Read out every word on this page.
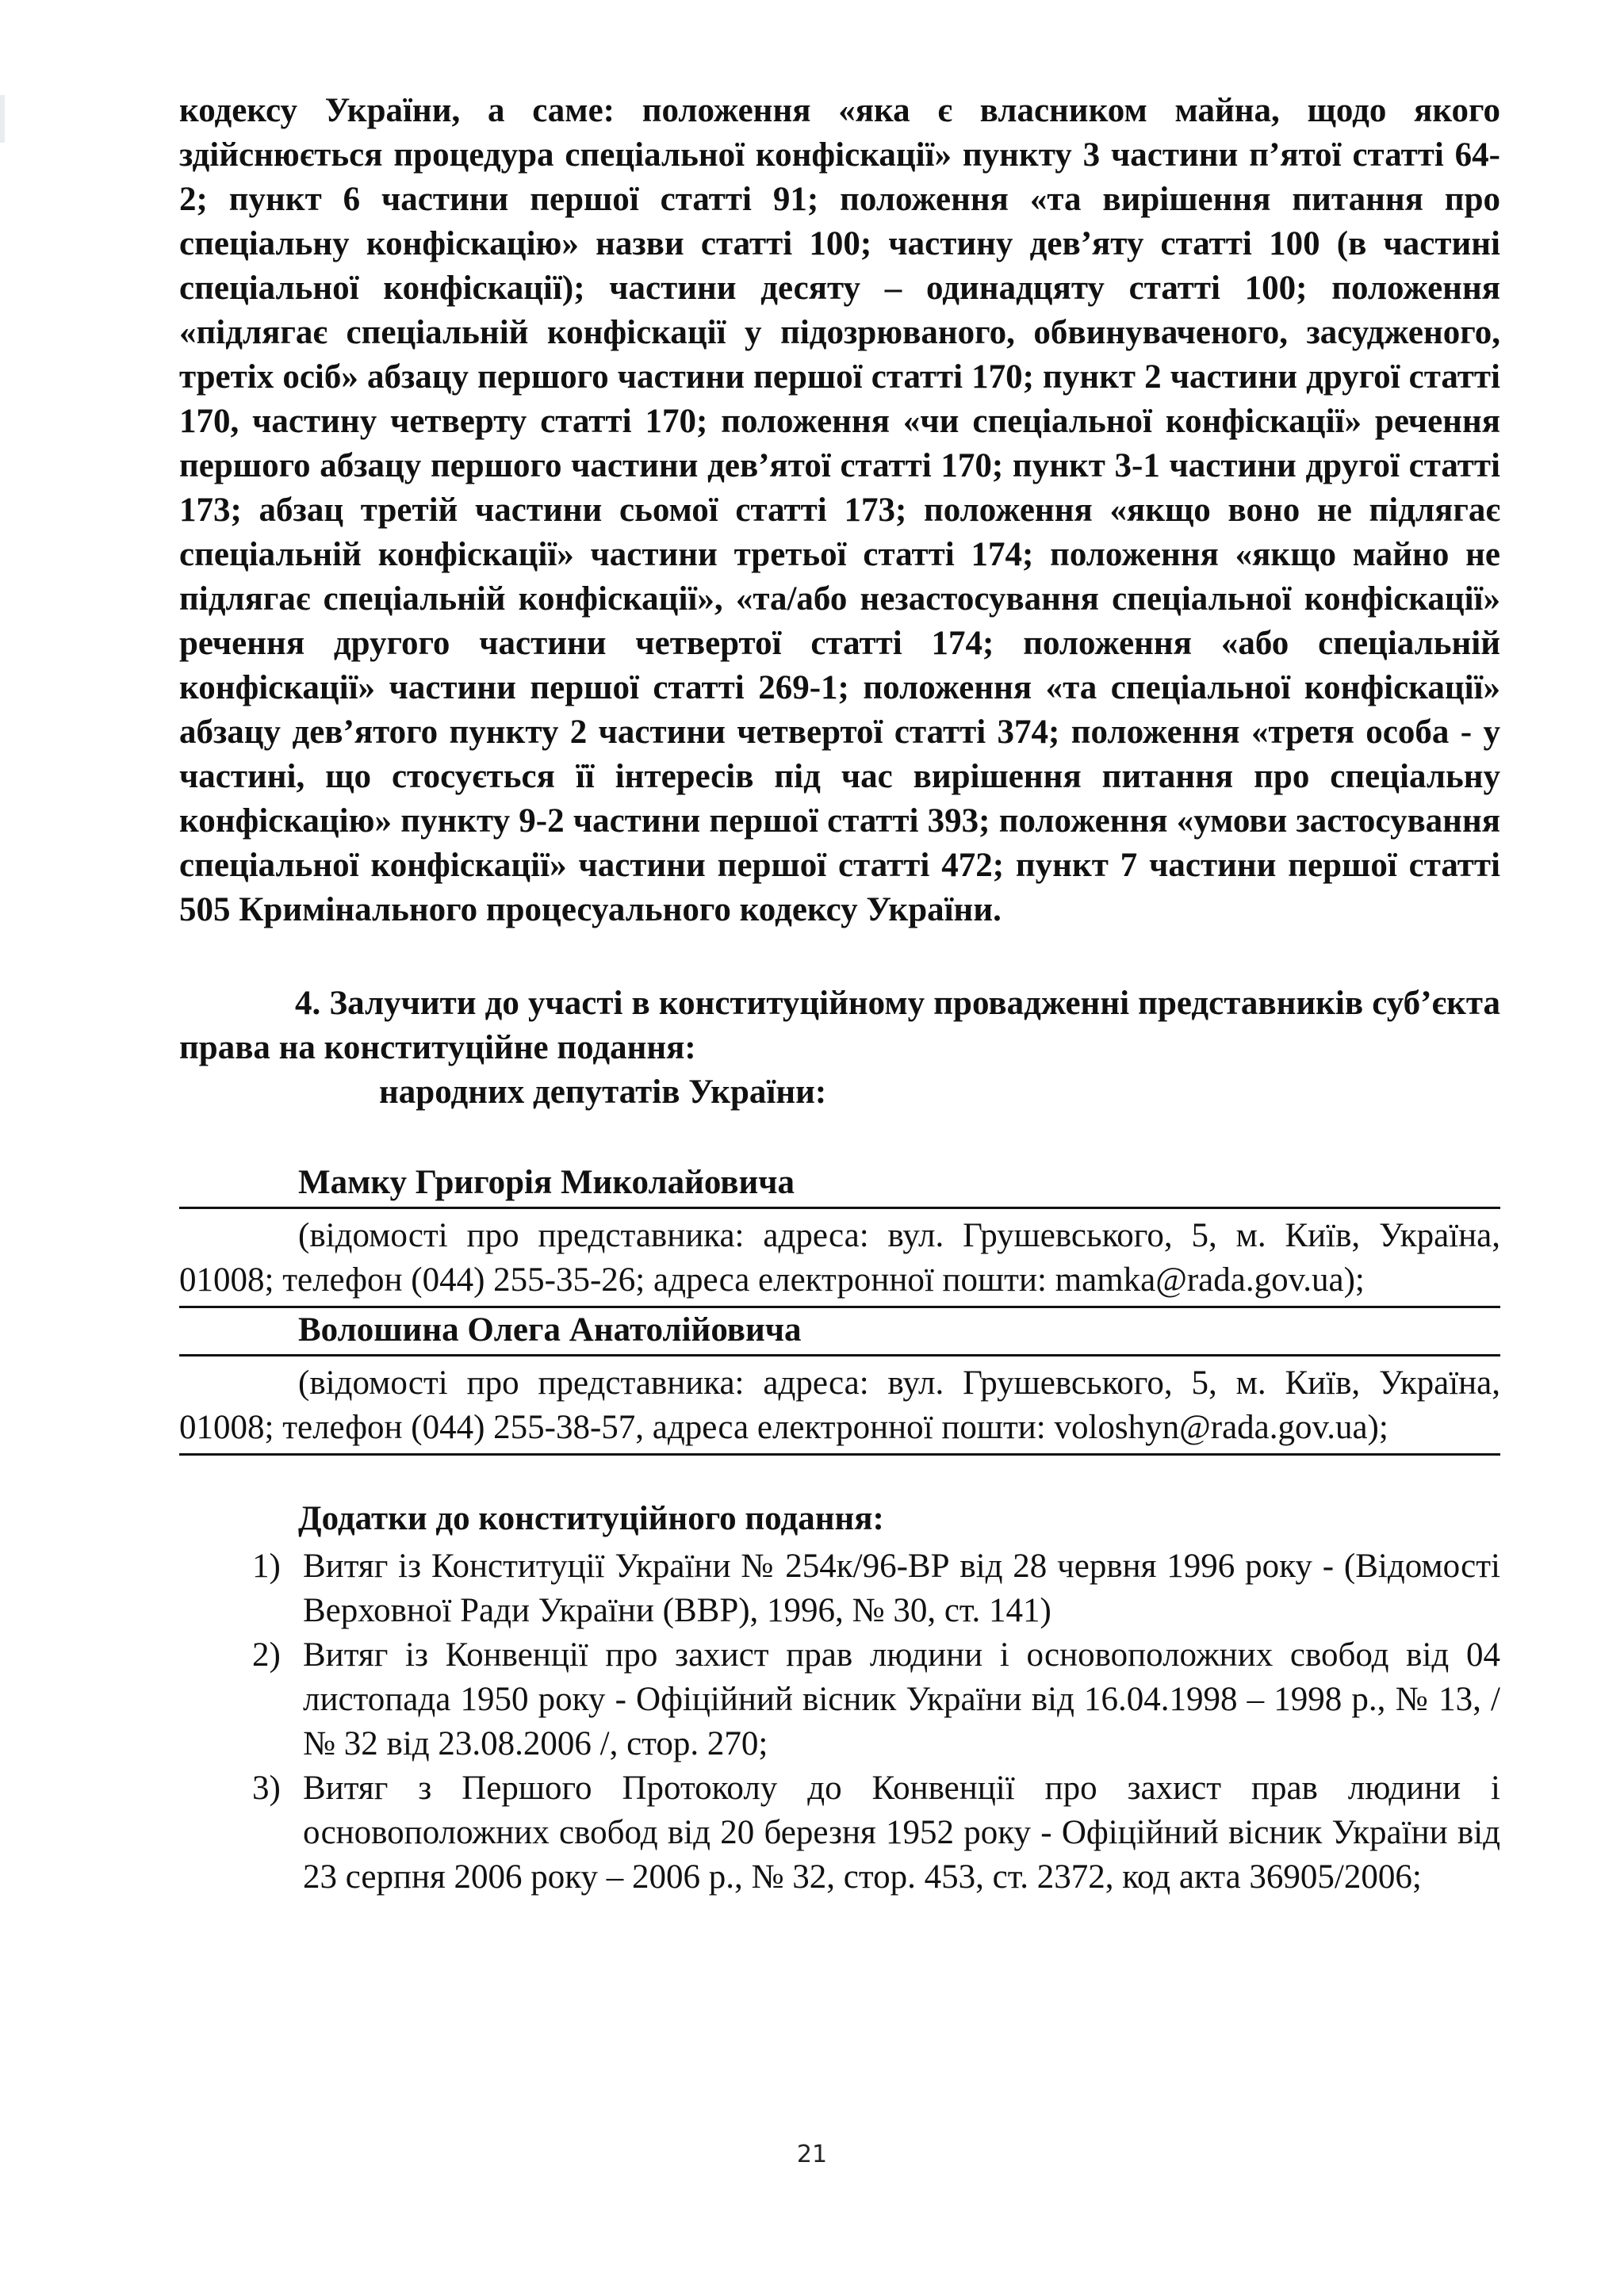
кодексу України, а саме: положення «яка є власником майна, щодо якого здійснюється процедура спеціальної конфіскації» пункту 3 частини п’ятої статті 64-2; пункт 6 частини першої статті 91; положення «та вирішення питання про спеціальну конфіскацію» назви статті 100; частину дев’яту статті 100 (в частині спеціальної конфіскації); частини десяту – одинадцяту статті 100; положення «підлягає спеціальній конфіскації у підозрюваного, обвинуваченого, засудженого, третіх осіб» абзацу першого частини першої статті 170; пункт 2 частини другої статті 170, частину четверту статті 170; положення «чи спеціальної конфіскації» речення першого абзацу першого частини дев’ятої статті 170; пункт 3-1 частини другої статті 173; абзац третій частини сьомої статті 173; положення «якщо воно не підлягає спеціальній конфіскації» частини третьої статті 174; положення «якщо майно не підлягає спеціальній конфіскації», «та/або незастосування спеціальної конфіскації» речення другого частини четвертої статті 174; положення «або спеціальній конфіскації» частини першої статті 269-1; положення «та спеціальної конфіскації» абзацу дев’ятого пункту 2 частини четвертої статті 374; положення «третя особа - у частині, що стосується її інтересів під час вирішення питання про спеціальну конфіскацію» пункту 9-2 частини першої статті 393; положення «умови застосування спеціальної конфіскації» частини першої статті 472; пункт 7 частини першої статті 505 Кримінального процесуального кодексу України.

4. Залучити до участі в конституційному провадженні представників суб’єкта права на конституційне подання:

народних депутатів України:

Мамку Григорія Миколайовича
(відомості про представника: адреса: вул. Грушевського, 5, м. Київ, Україна, 01008; телефон (044) 255-35-26; адреса електронної пошти: mamka@rada.gov.ua);
Волошина Олега Анатолійовича
(відомості про представника: адреса: вул. Грушевського, 5, м. Київ, Україна, 01008; телефон (044) 255-38-57, адреса електронної пошти: voloshyn@rada.gov.ua);
Додатки до конституційного подання:
1) Витяг із Конституції України № 254к/96-ВР від 28 червня 1996 року - (Відомості Верховної Ради України (ВВР), 1996, № 30, ст. 141)
2) Витяг із Конвенції про захист прав людини і основоположних свобод від 04 листопада 1950 року - Офіційний вісник України від 16.04.1998 – 1998 р., № 13, / № 32 від 23.08.2006 /, стор. 270;
3) Витяг з Першого Протоколу до Конвенції про захист прав людини і основоположних свобод від 20 березня 1952 року - Офіційний вісник України від 23 серпня 2006 року – 2006 р., № 32, стор. 453, ст. 2372, код акта 36905/2006;
21
